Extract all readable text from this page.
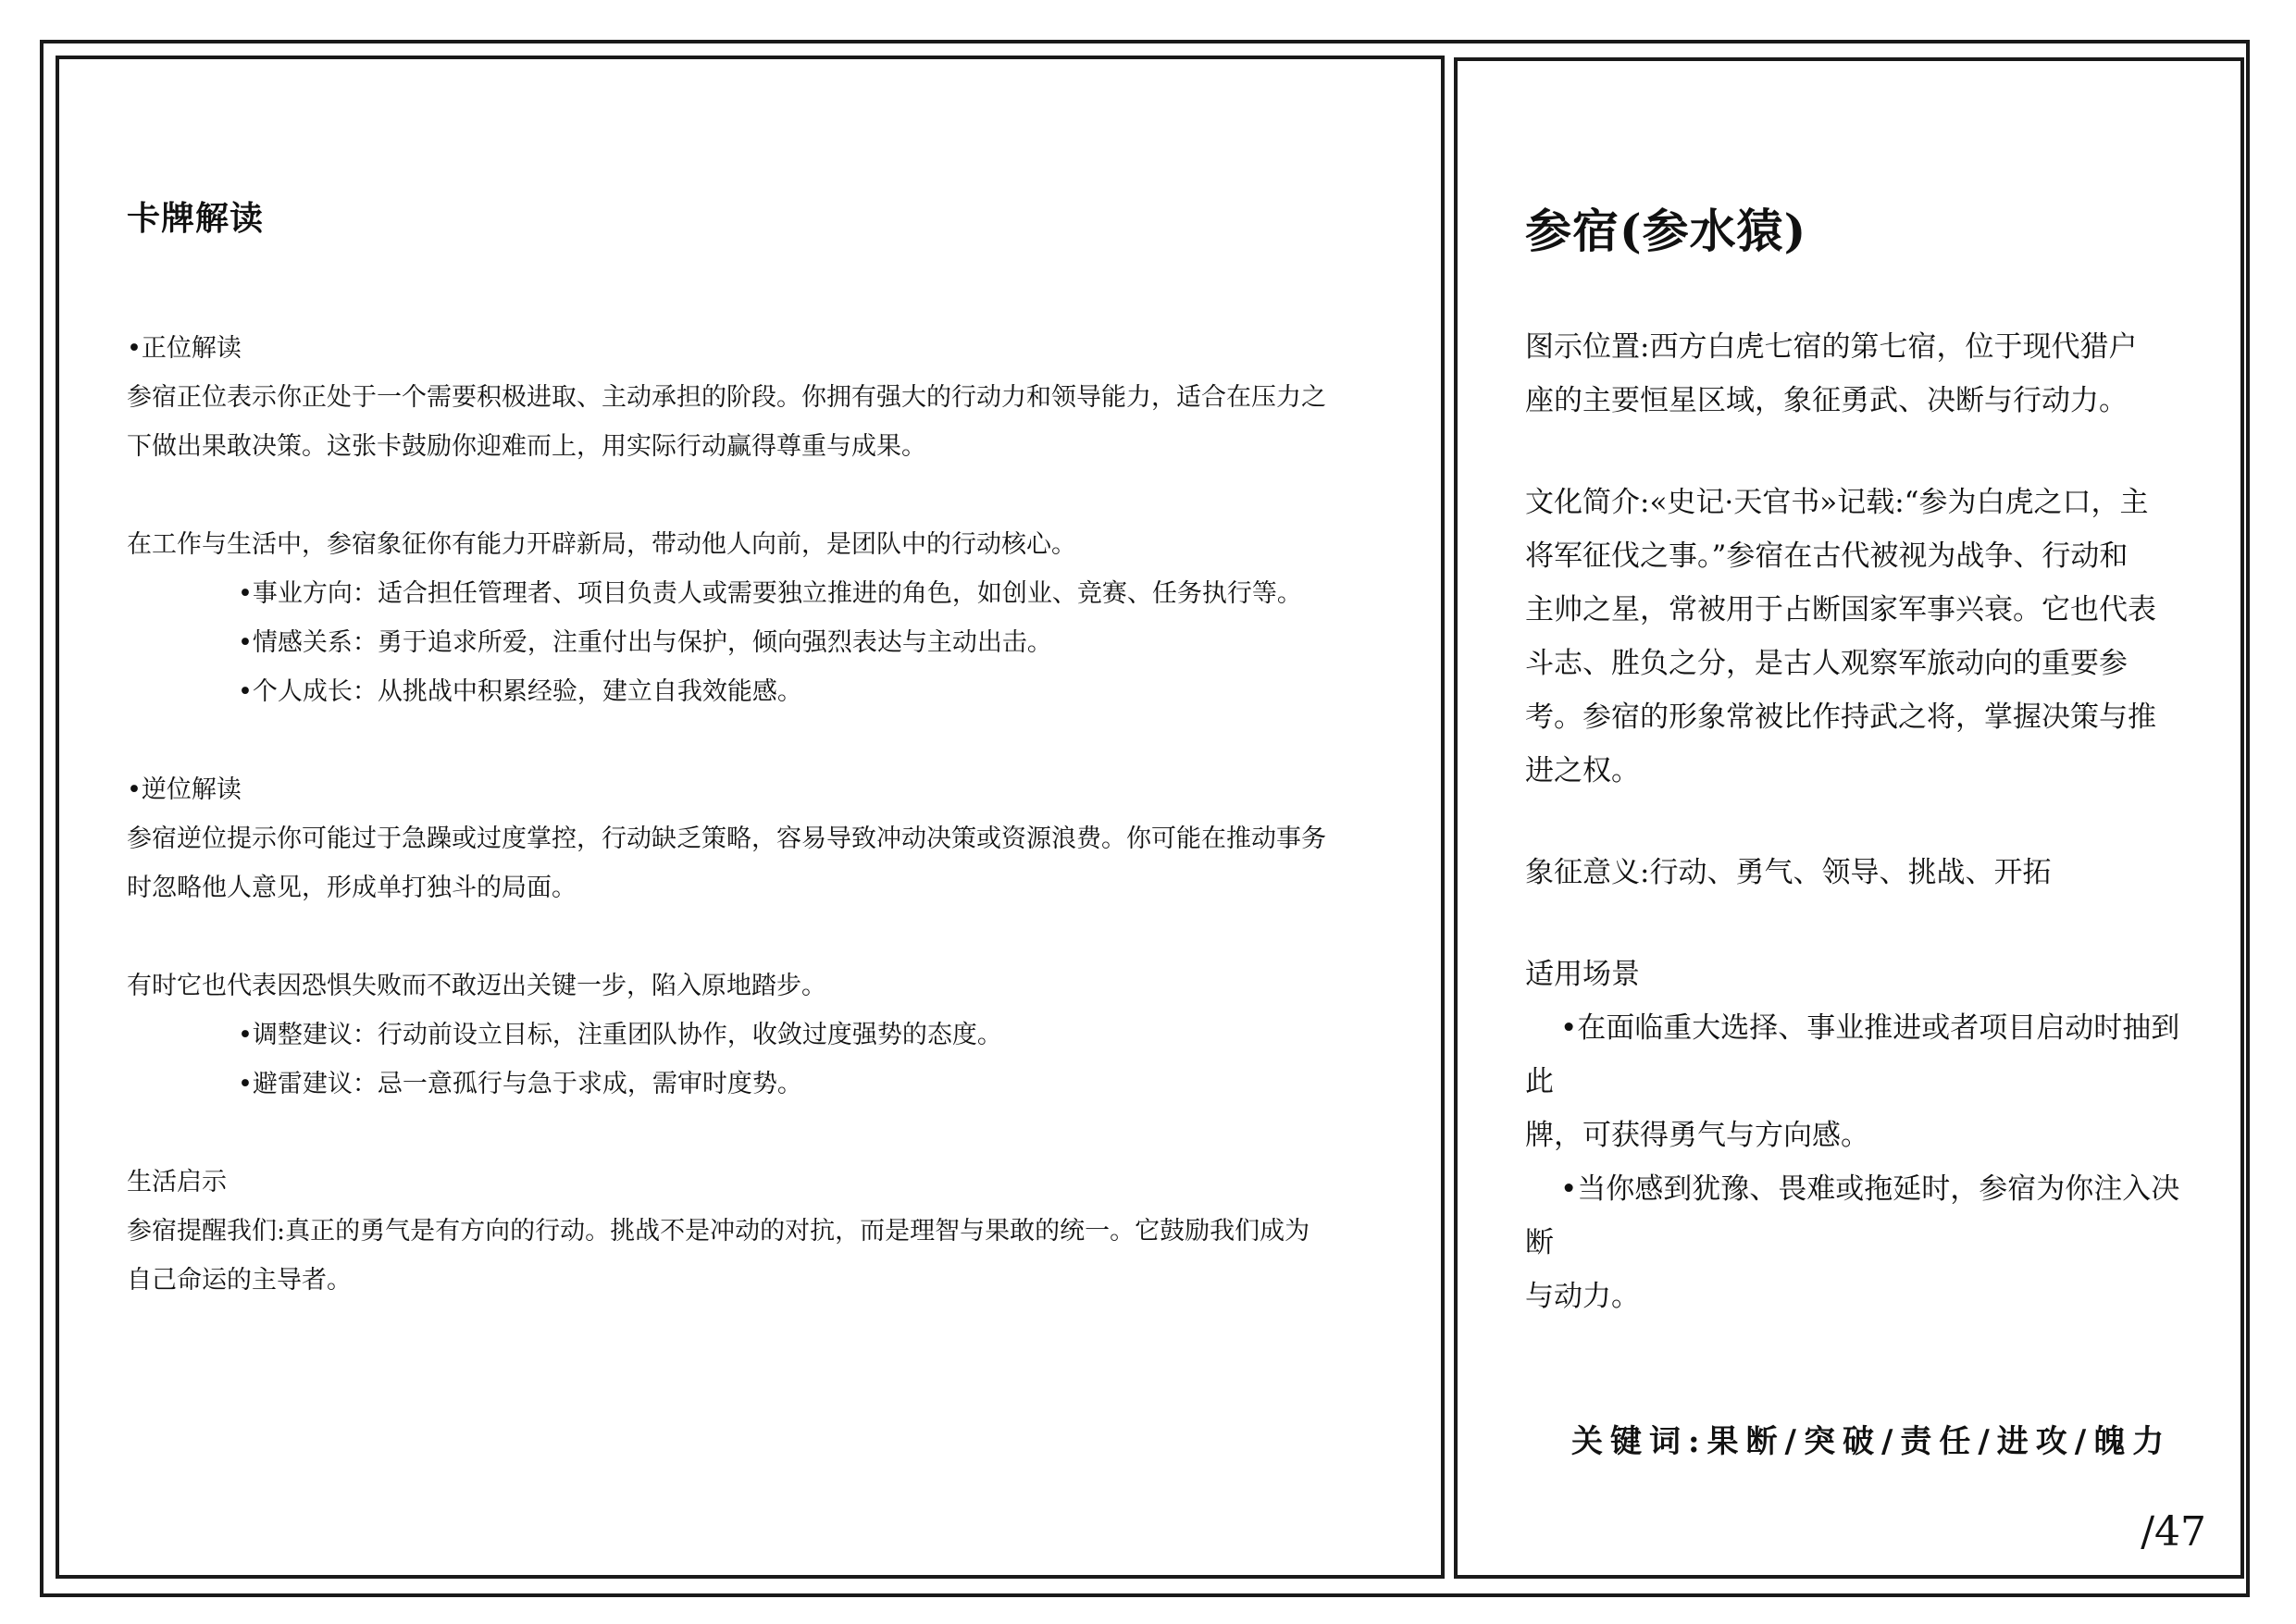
卡牌解读

•正位解读

参宿正位表示你正处于一个需要积极进取、主动承担的阶段。你拥有强大的行动力和领导能力，适合在压力之

下做出果敢决策。这张卡鼓励你迎难而上，用实际行动赢得尊重与成果。

在工作与生活中，参宿象征你有能力开辟新局，带动他人向前，是团队中的行动核心。

•事业方向：适合担任管理者、项目负责人或需要独立推进的角色，如创业、竞赛、任务执行等。

•情感关系：勇于追求所爱，注重付出与保护，倾向强烈表达与主动出击。

•个人成长：从挑战中积累经验，建立自我效能感。

•逆位解读

参宿逆位提示你可能过于急躁或过度掌控，行动缺乏策略，容易导致冲动决策或资源浪费。你可能在推动事务

时忽略他人意见，形成单打独斗的局面。

有时它也代表因恐惧失败而不敢迈出关键一步，陷入原地踏步。

•调整建议：行动前设立目标，注重团队协作，收敛过度强势的态度。

•避雷建议：忌一意孤行与急于求成，需审时度势。

生活启示

参宿提醒我们:真正的勇气是有方向的行动。挑战不是冲动的对抗，而是理智与果敢的统一。它鼓励我们成为

自己命运的主导者。

参宿(参水猿)

图示位置:西方白虎七宿的第七宿，位于现代猎户

座的主要恒星区域，象征勇武、决断与行动力。

文化简介:«史记·天官书»记载:“参为白虎之口，主

将军征伐之事。”参宿在古代被视为战争、行动和

主帅之星，常被用于占断国家军事兴衰。它也代表

斗志、胜负之分，是古人观察军旅动向的重要参

考。参宿的形象常被比作持武之将，掌握决策与推

进之权。

象征意义:行动、勇气、领导、挑战、开拓

适用场景

•在面临重大选择、事业推进或者项目启动时抽到此

牌，可获得勇气与方向感。

•当你感到犹豫、畏难或拖延时，参宿为你注入决断

与动力。

关键词:果断/突破/责任/进攻/魄力
/47
